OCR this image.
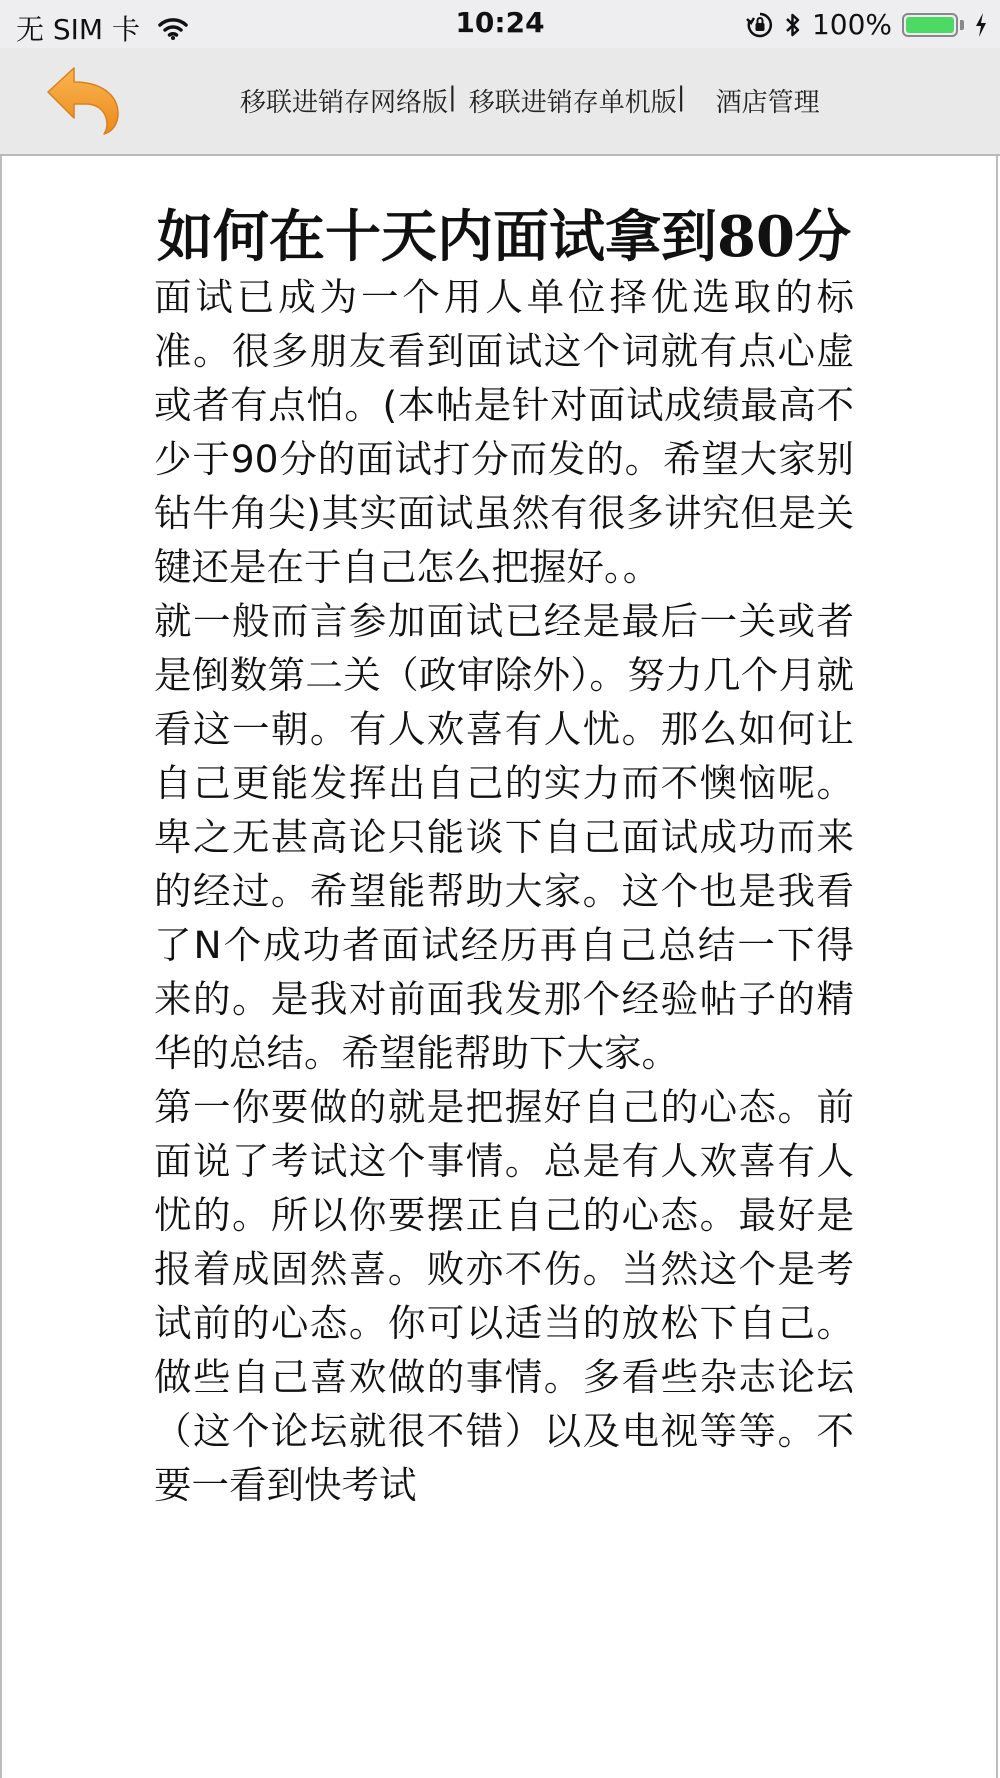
无 SIM 卡	10:24	100%
移联进销存网络版 | 移联进销存单机版 | 酒店管理
如何在十天内面试拿到80分

面试已成为一个用人单位择优选取的标准。很多朋友看到面试这个词就有点心虚或者有点怕。(本帖是针对面试成绩最高不少于90分的面试打分而发的。希望大家别钻牛角尖)其实面试虽然有很多讲究但是关键还是在于自己怎么把握好。。

就一般而言参加面试已经是最后一关或者是倒数第二关（政审除外）。努力几个月就看这一朝。有人欢喜有人忧。那么如何让自己更能发挥出自己的实力而不懊恼呢。卑之无甚高论只能谈下自己面试成功而来的经过。希望能帮助大家。这个也是我看了N个成功者面试经历再自己总结一下得来的。是我对前面我发那个经验帖子的精华的总结。希望能帮助下大家。

第一你要做的就是把握好自己的心态。前面说了考试这个事情。总是有人欢喜有人忧的。所以你要摆正自己的心态。最好是报着成固然喜。败亦不伤。当然这个是考试前的心态。你可以适当的放松下自己。做些自己喜欢做的事情。多看些杂志论坛（这个论坛就很不错）以及电视等等。不要一看到快考试
